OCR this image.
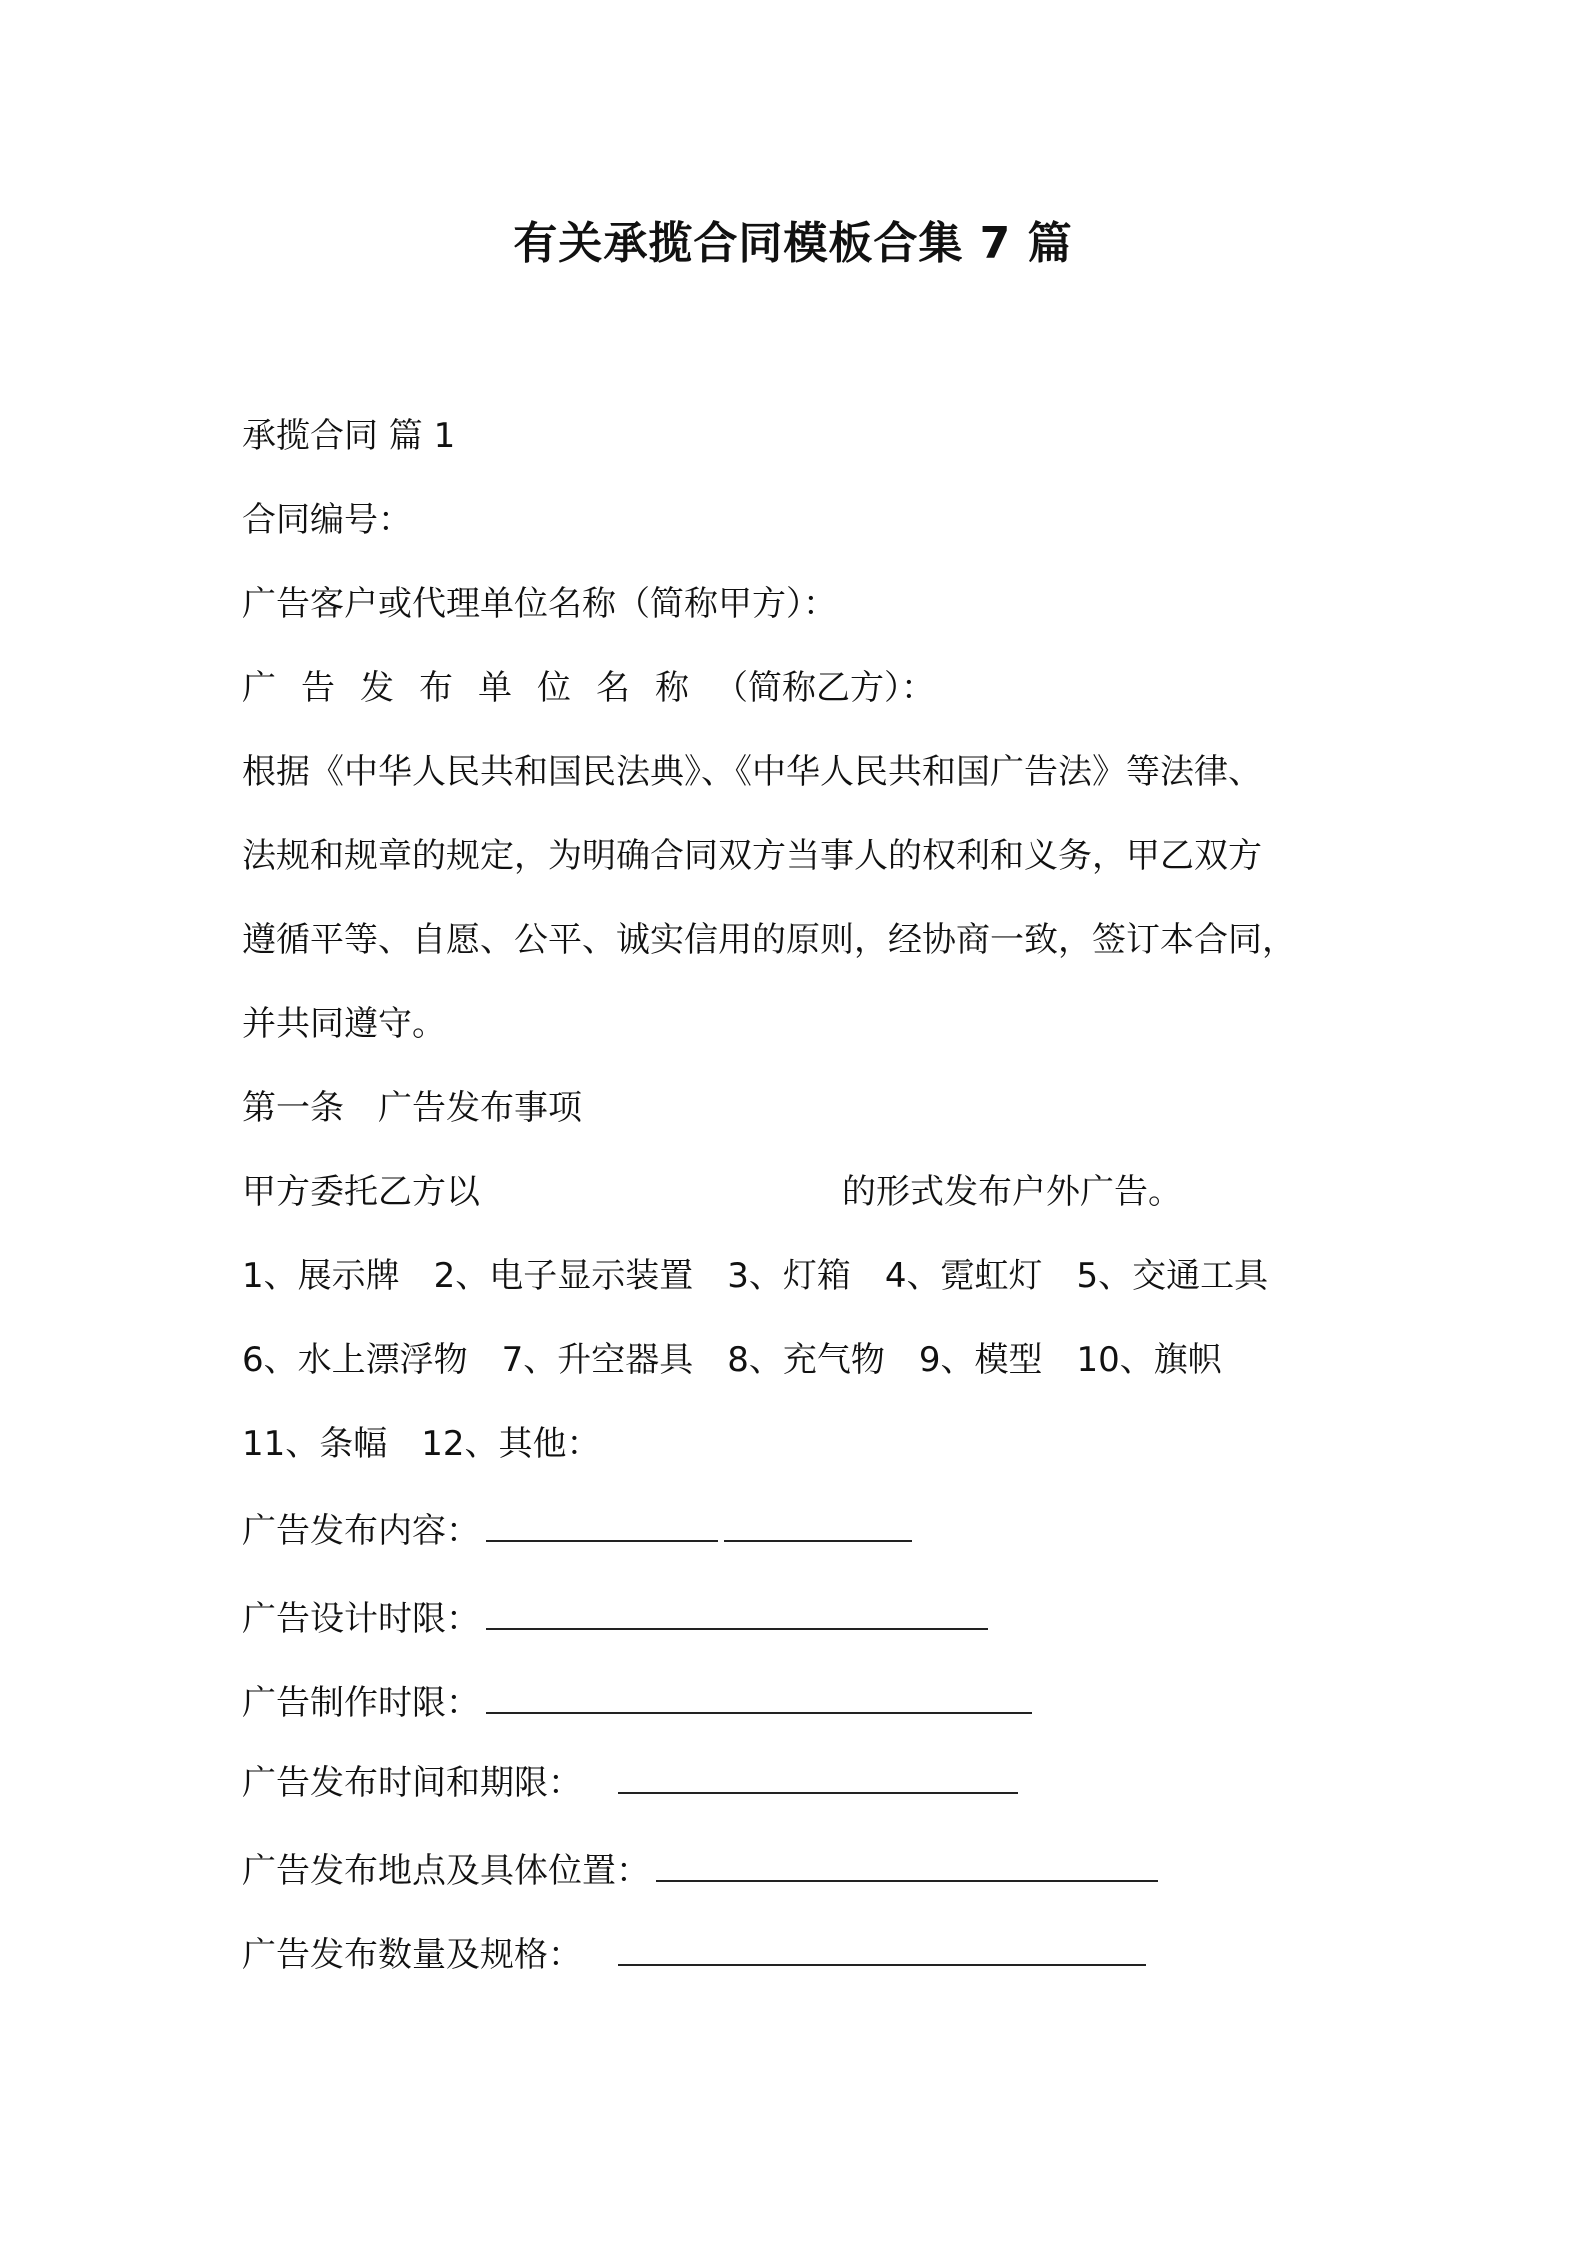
有关承揽合同模板合集 7 篇
承揽合同 篇 1
合同编号：
广告客户或代理单位名称（简称甲方）：
广告发布单位名称（简称乙方）：
根据《中华人民共和国民法典》、《中华人民共和国广告法》等法律、
法规和规章的规定，为明确合同双方当事人的权利和义务，甲乙双方
遵循平等、自愿、公平、诚实信用的原则，经协商一致，签订本合同，
并共同遵守。
第一条　广告发布事项
甲方委托乙方以	的形式发布户外广告。
1、展示牌　2、电子显示装置　3、灯箱　4、霓虹灯　5、交通工具
6、水上漂浮物　7、升空器具　8、充气物　9、模型　10、旗帜
11、条幅　12、其他：
广告发布内容：
广告设计时限：
广告制作时限：
广告发布时间和期限：
广告发布地点及具体位置：
广告发布数量及规格：
